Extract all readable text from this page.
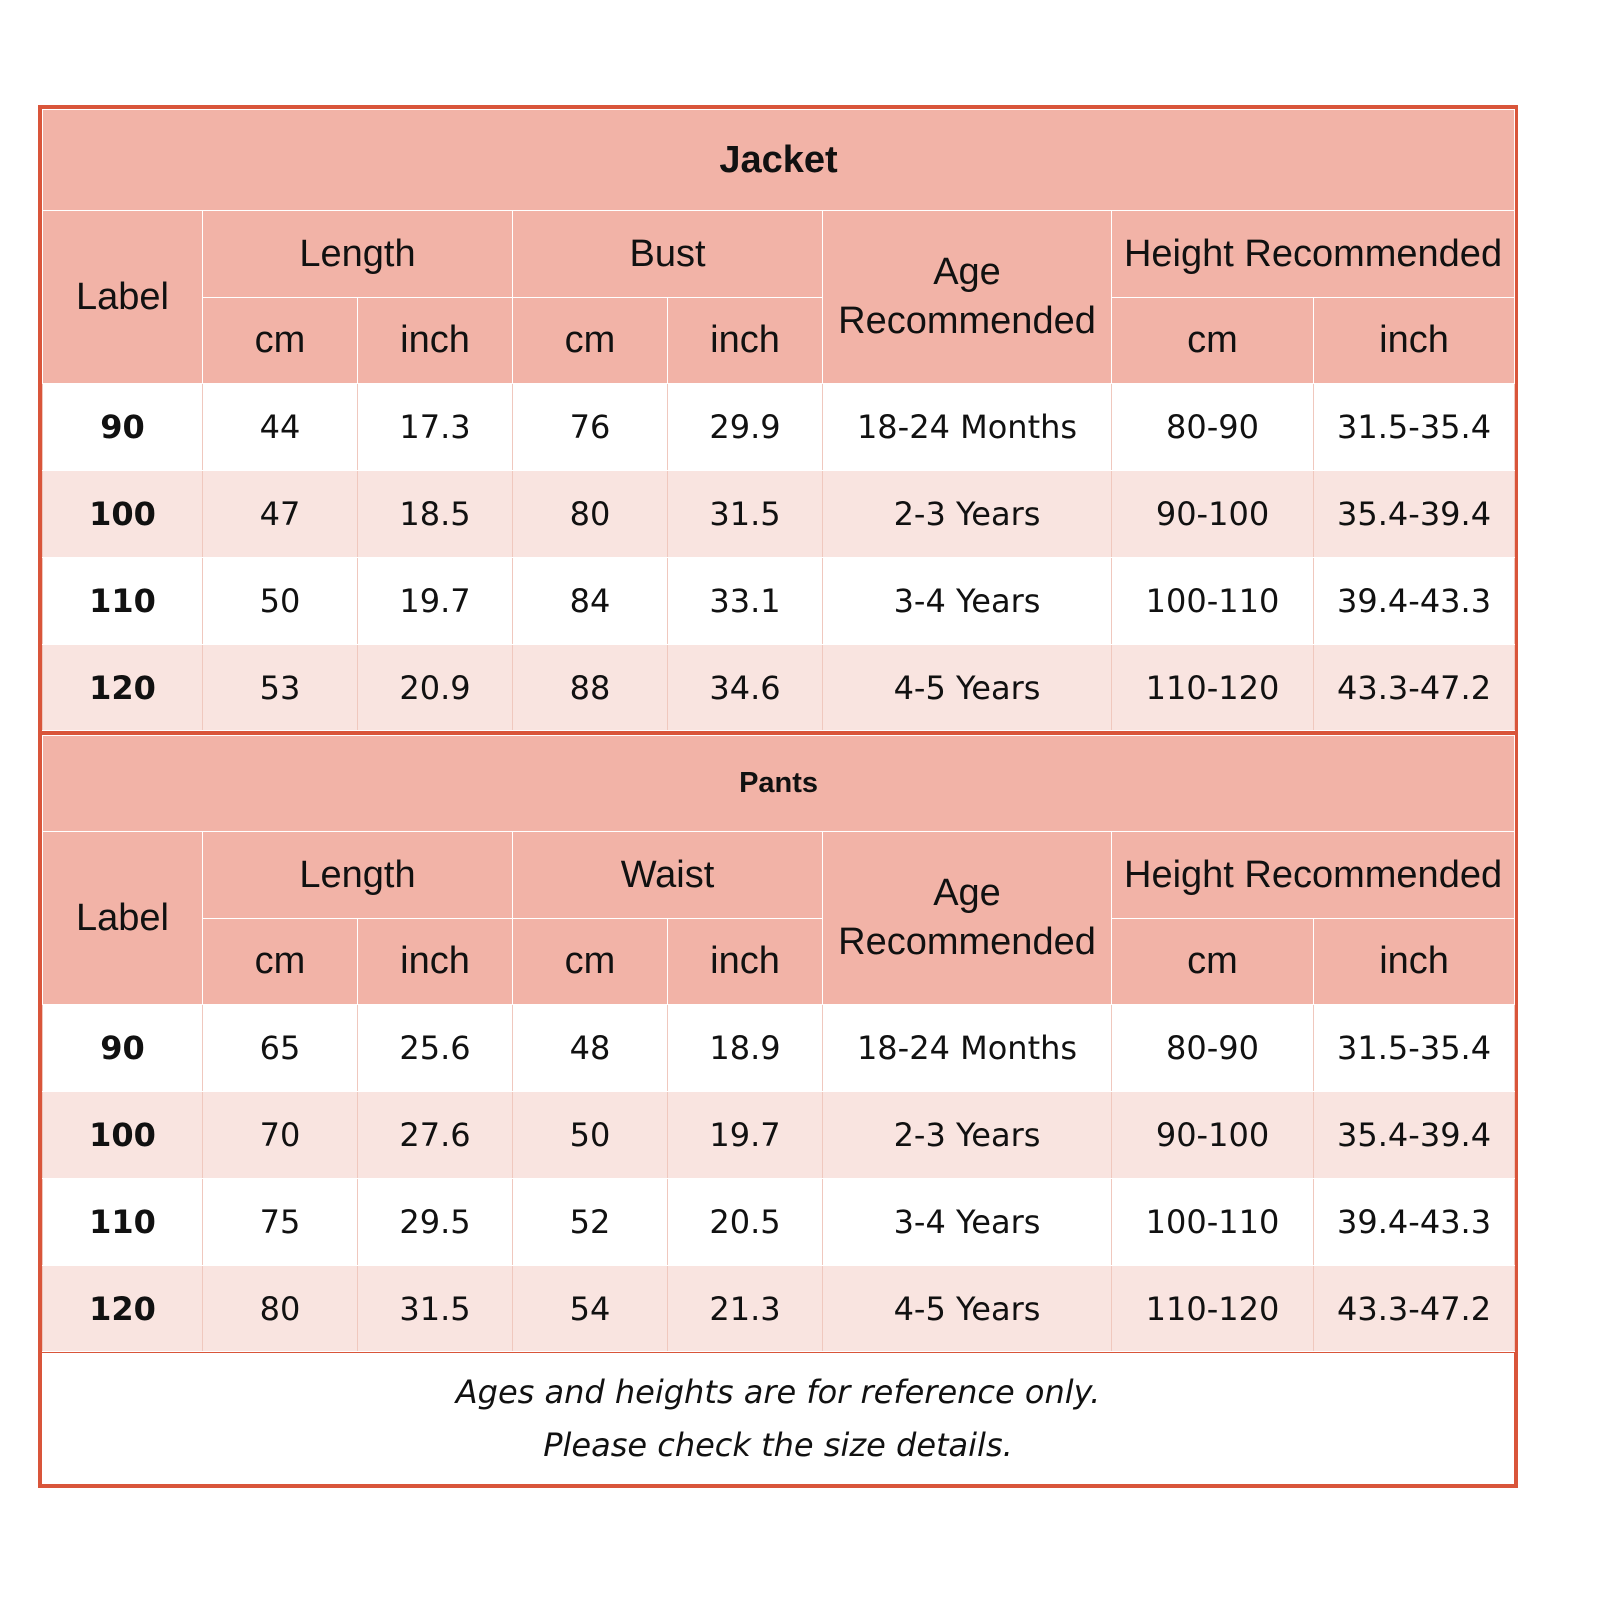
Jacket							
Label	Length		Bust		Age Recommended	Height Recommended	
	cm	inch	cm	inch		cm	inch
90	44	17.3	76	29.9	18-24 Months	80-90	31.5-35.4
100	47	18.5	80	31.5	2-3 Years	90-100	35.4-39.4
110	50	19.7	84	33.1	3-4 Years	100-110	39.4-43.3
120	53	20.9	88	34.6	4-5 Years	110-120	43.3-47.2
Pants							
Label	Length		Waist		Age Recommended	Height Recommended	
	cm	inch	cm	inch		cm	inch
90	65	25.6	48	18.9	18-24 Months	80-90	31.5-35.4
100	70	27.6	50	19.7	2-3 Years	90-100	35.4-39.4
110	75	29.5	52	20.5	3-4 Years	100-110	39.4-43.3
120	80	31.5	54	21.3	4-5 Years	110-120	43.3-47.2
Ages and heights are for reference only.
Please check the size details.
